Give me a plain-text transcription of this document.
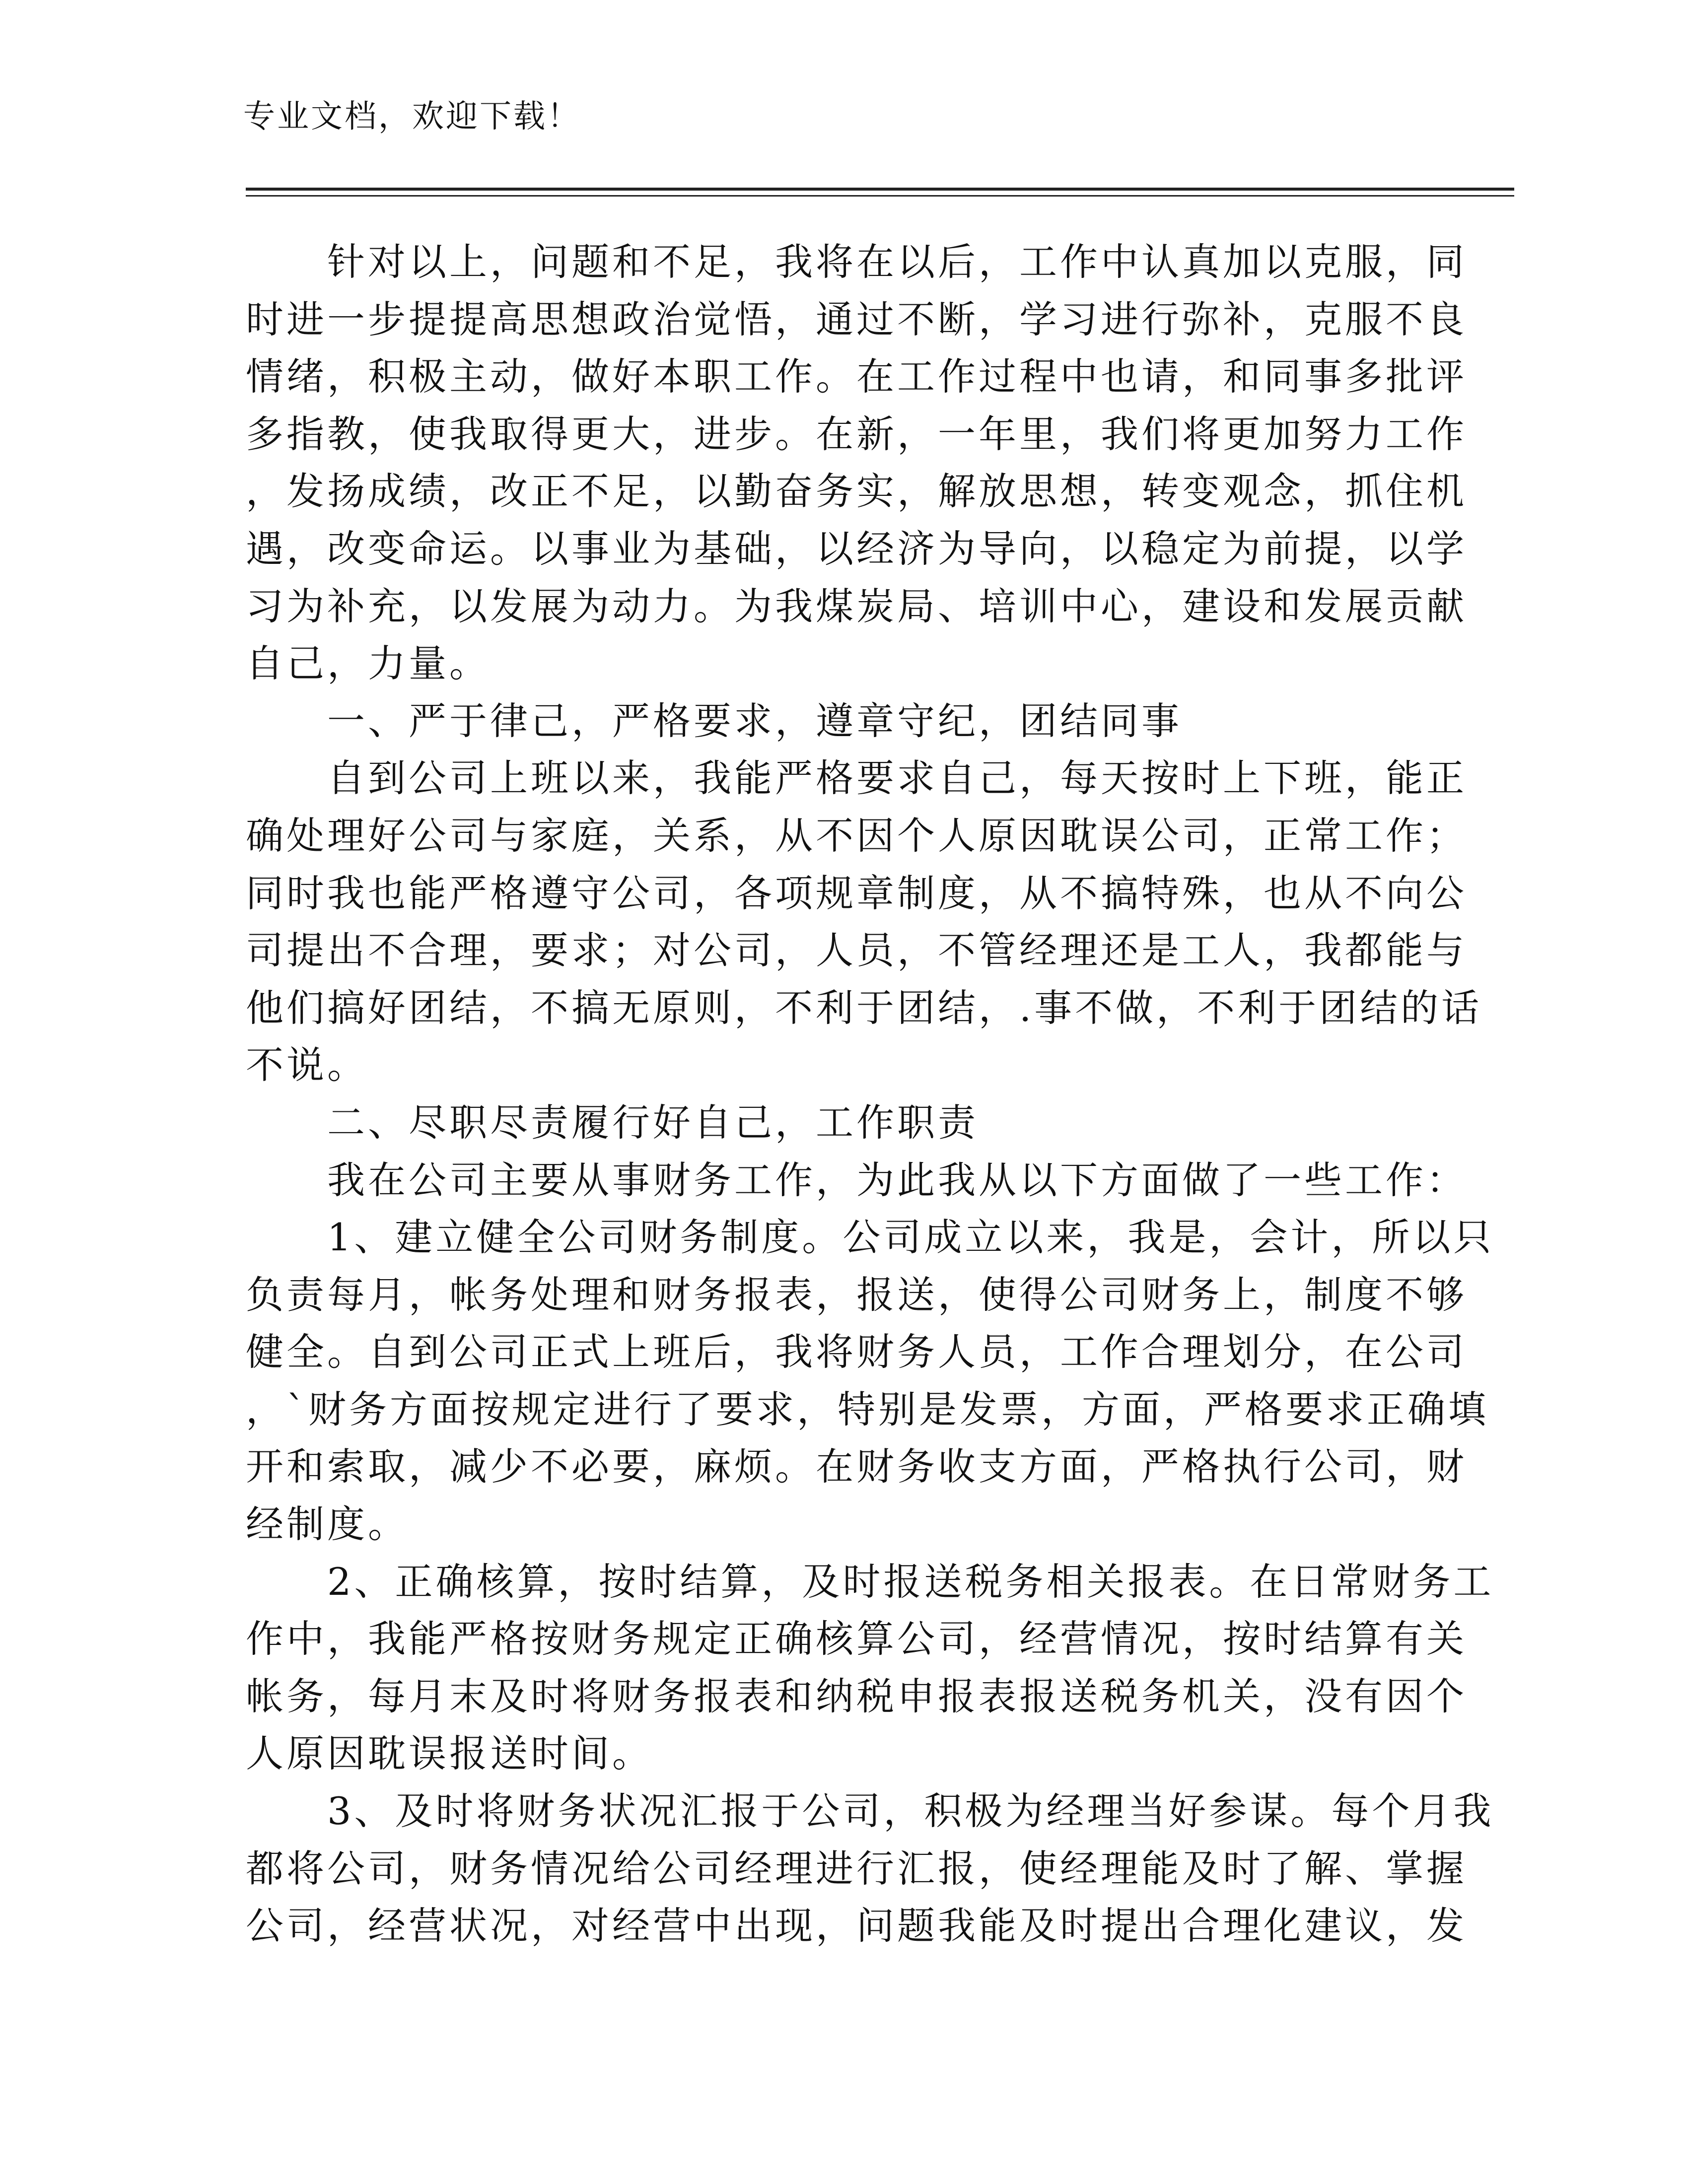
专业文档，欢迎下载！
　　针对以上，问题和不足，我将在以后，工作中认真加以克服，同
时进一步提提高思想政治觉悟，通过不断，学习进行弥补，克服不良
情绪，积极主动，做好本职工作。在工作过程中也请，和同事多批评
多指教，使我取得更大，进步。在新，一年里，我们将更加努力工作
，发扬成绩，改正不足，以勤奋务实，解放思想，转变观念，抓住机
遇，改变命运。以事业为基础，以经济为导向，以稳定为前提，以学
习为补充，以发展为动力。为我煤炭局、培训中心，建设和发展贡献
自己，力量。
　　一、严于律己，严格要求，遵章守纪，团结同事
　　自到公司上班以来，我能严格要求自己，每天按时上下班，能正
确处理好公司与家庭，关系，从不因个人原因耽误公司，正常工作；
同时我也能严格遵守公司，各项规章制度，从不搞特殊，也从不向公
司提出不合理，要求；对公司，人员，不管经理还是工人，我都能与
他们搞好团结，不搞无原则，不利于团结，.事不做，不利于团结的话
不说。
　　二、尽职尽责履行好自己，工作职责
　　我在公司主要从事财务工作，为此我从以下方面做了一些工作：
　　1、建立健全公司财务制度。公司成立以来，我是，会计，所以只
负责每月，帐务处理和财务报表，报送，使得公司财务上，制度不够
健全。自到公司正式上班后，我将财务人员，工作合理划分，在公司
，`财务方面按规定进行了要求，特别是发票，方面，严格要求正确填
开和索取，减少不必要，麻烦。在财务收支方面，严格执行公司，财
经制度。
　　2、正确核算，按时结算，及时报送税务相关报表。在日常财务工
作中，我能严格按财务规定正确核算公司，经营情况，按时结算有关
帐务，每月末及时将财务报表和纳税申报表报送税务机关，没有因个
人原因耽误报送时间。
　　3、及时将财务状况汇报于公司，积极为经理当好参谋。每个月我
都将公司，财务情况给公司经理进行汇报，使经理能及时了解、掌握
公司，经营状况，对经营中出现，问题我能及时提出合理化建议，发
